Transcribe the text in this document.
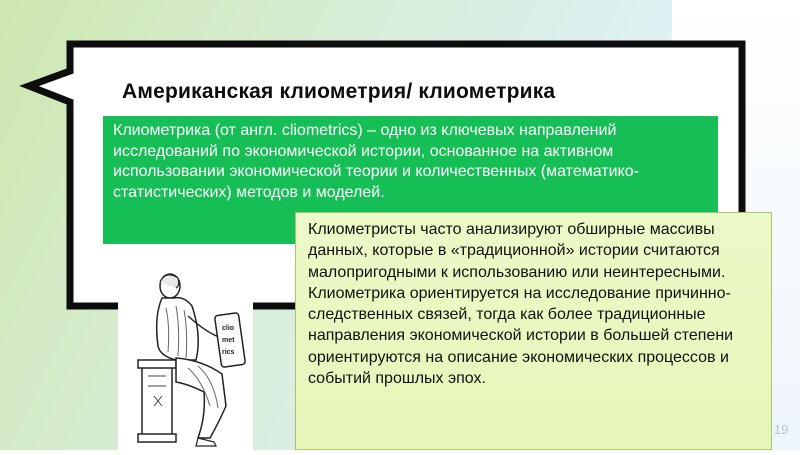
Американская клиометрия/ клиометрика

Клиометрика (от англ. cliometrics) – одно из ключевых направлений исследований по экономической истории, основанное на активном использовании экономической теории и количественных (математико-статистических) методов и моделей.

clio
met
rics

Клиометристы часто анализируют обширные массивы данных, которые в «традиционной» истории считаются малопригодными к использованию или неинтересными. Клиометрика ориентируется на исследование причинно-следственных связей, тогда как более традиционные направления экономической истории в большей степени ориентируются на описание экономических процессов и событий прошлых эпох.

19
